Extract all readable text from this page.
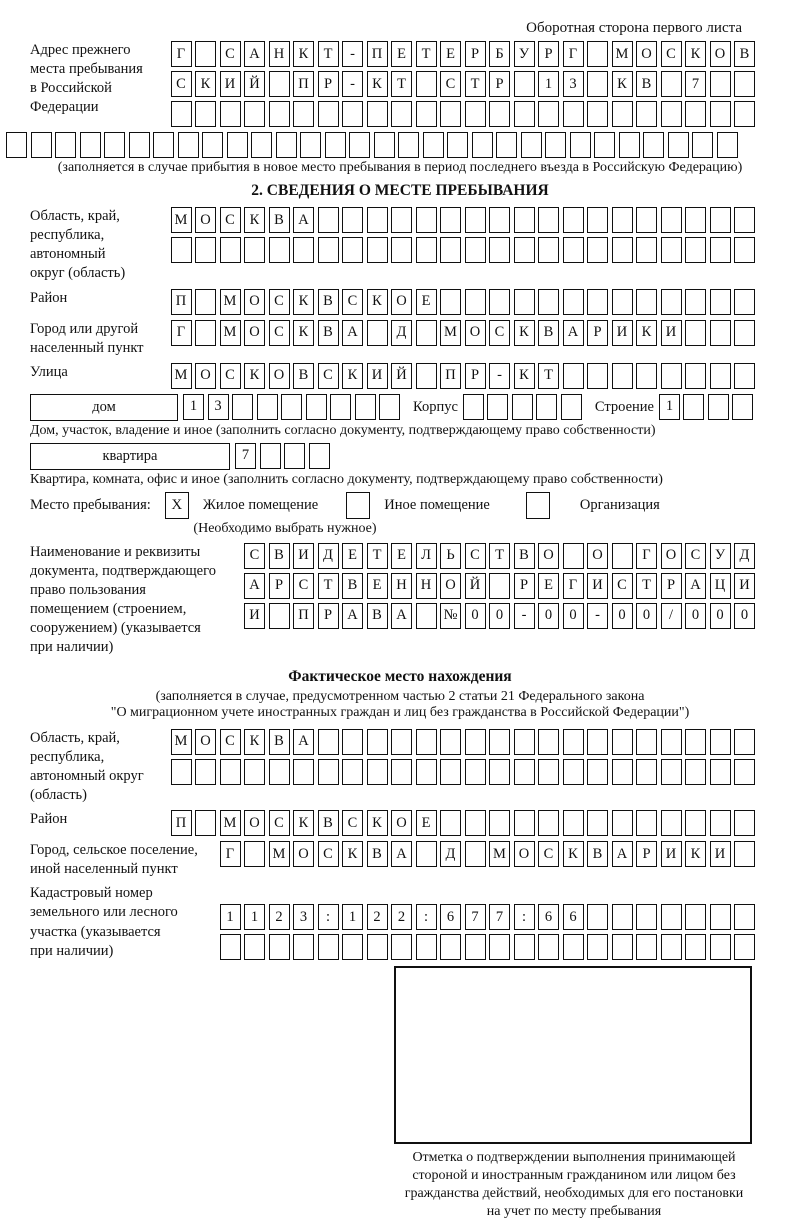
Оборотная сторона первого листа
Адрес прежнего
места пребывания
в Российской
Федерации
Г	С А Н К	Т	-	П	Е	Т	Е	Р	Б	У	Р	Г	М О С	К О В
С	К И Й	П	Р	-	К	Т	С	Т	Р	1	3	К	В	7
(заполняется в случае прибытия в новое место пребывания в период последнего въезда в Российскую Федерацию)
2. СВЕДЕНИЯ О МЕСТЕ ПРЕБЫВАНИЯ
Область, край,
республика,
автономный
округ (область)
М О С	К	В А
Район	П	М О С	К	В	С	К О	Е
Город или другой
населенный пункт
Г	М О С	К	В А	Д	М О С	К	В А	Р	И К И
Улица	М О С	К О В	С	К И Й	П	Р	-	К	Т
дом	1	3	Корпус	Строение 1
Дом, участок, владение и иное (заполнить согласно документу, подтверждающему право собственности)
квартира	7
Квартира, комната, офис и иное (заполнить согласно документу, подтверждающему право собственности)
Место пребывания:	X	Жилое помещение	Иное помещение	Организация
(Необходимо выбрать нужное)
Наименование и реквизиты
документа, подтверждающего
право пользования
помещением (строением,
сооружением) (указывается
при наличии)
С	В И Д	Е	Т	Е	Л	Ь	С	Т	В О	О	Г	О С	У Д
А	Р	С	Т	В	Е	Н Н О Й	Р	Е	Г	И С	Т	Р	А Ц И
И	П	Р	А В А	№ 0	0	-	0	0	-	0	0	/	0	0	0
Фактическое место нахождения
(заполняется в случае, предусмотренном частью 2 статьи 21 Федерального закона
"О миграционном учете иностранных граждан и лиц без гражданства в Российской Федерации")
Область, край,
республика,
автономный округ
(область)
М О С	К	В А
Район	П	М О С	К	В	С	К О	Е
Город, сельское поселение,
иной населенный пункт
Г	М О С	К	В А	Д	М О С	К	В А	Р	И К И
Кадастровый номер
земельного или лесного
участка (указывается
при наличии)
1	1	2	3	:	1	2	2	:	6	7	7	:	6	6
Отметка о подтверждении выполнения принимающей
стороной и иностранным гражданином или лицом без
гражданства действий, необходимых для его постановки
на учет по месту пребывания
